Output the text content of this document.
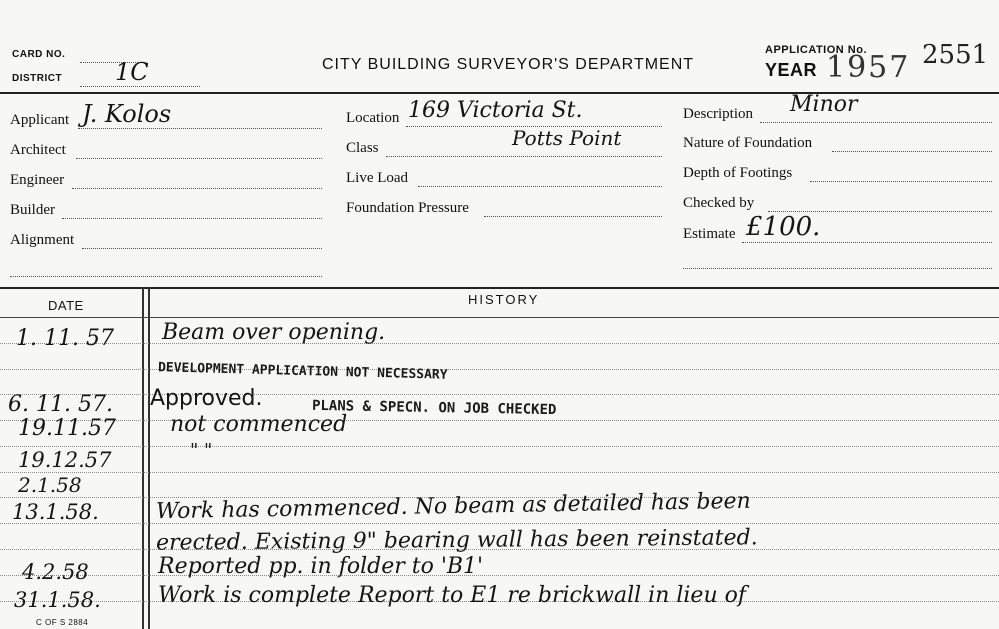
CARD NO.
DISTRICT 1C	CITY BUILDING SURVEYOR'S DEPARTMENT
APPLICATION No.
YEAR 1957 2551
Applicant J. Kolos
Architect
Engineer
Builder
Alignment
Location 169 Victoria St.
Class	Potts Point
Live Load
Foundation Pressure
Description Minor
Nature of Foundation
Depth of Footings
Checked by
Estimate £100.
DATE	HISTORY
1. 11. 57 Beam over opening.
DEVELOPMENT APPLICATION NOT NECESSARY
6. 11. 57. Approved.	PLANS & SPECN. ON JOB CHECKED
19.11.57 not commenced
19.12.57	" "
2.1.58
13.1.58.	Work has commenced. No beam as detailed has been
erected. Existing 9" bearing wall has been reinstated.
4.2.58	Reported pp. in folder to 'B1'
31.1.58.	Work is complete Report to E1 re brickwall in lieu of
C OF S 2884
